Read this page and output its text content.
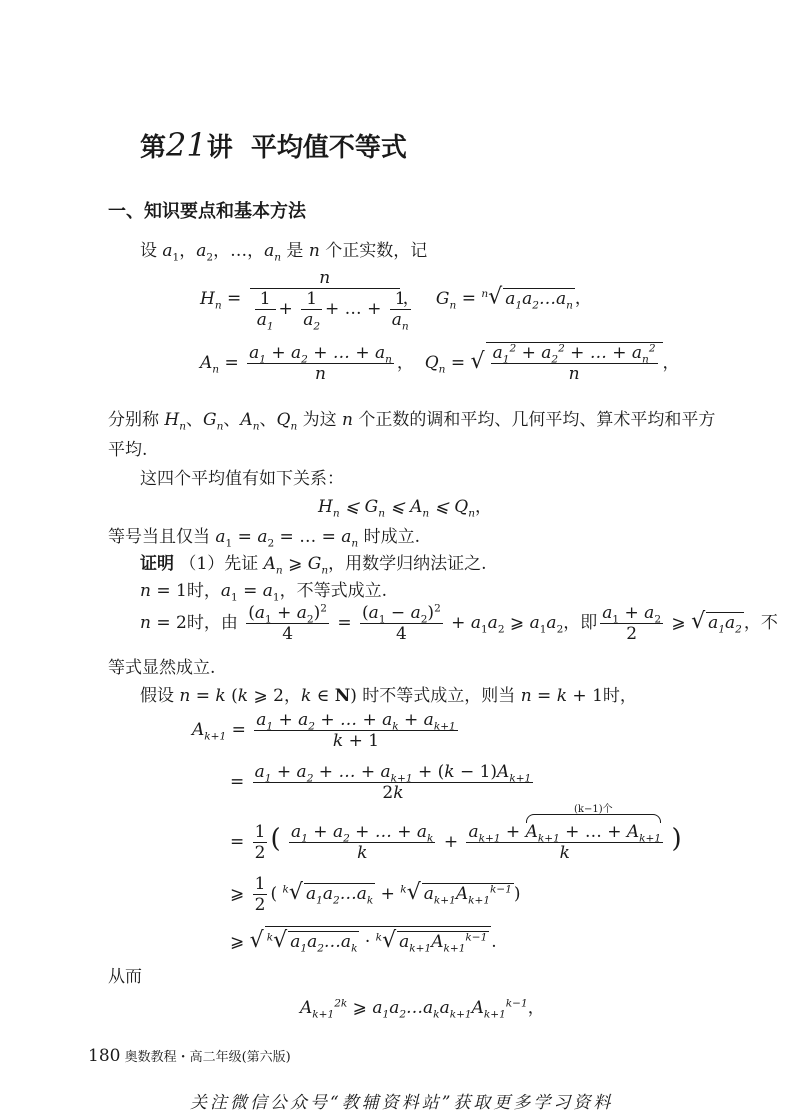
第21讲  平均值不等式
一、知识要点和基本方法
设 $a_1$，$a_2$，…，$a_n$ 是 n 个正实数，记
$H_n = \frac{n}{\frac{1}{a_1} + \frac{1}{a_2} + \dots + \frac{1}{a_n}}$ ，   $G_n = ^n√$ $a_1a_2\dots a_n$ ，
$A_n = \frac{a_1 + a_2 + \dots + a_n}{n}$ ，  $Q_n$ = √ $\frac{a_1^2 + a_2^2 + \dots + a_n^2}{n}$ ，
分别称 $H_n$、$G_n$、$A_n$、$Q_n$ 为这 n 个正数的调和平均、几何平均、算术平均和平方
平均.
这四个平均值有如下关系：
$H_n$ ⩽ $G_n$ ⩽ $A_n$ ⩽ $Q_n$，
等号当且仅当 $a_1 = a_2$ = … = $a_n$ 时成立.
证明 （1）先证 $A_n$ ⩾ $G_n$，用数学归纳法证之.
n = 1时，$a_1 = a_1$，不等式成立.
n = 2时，由 $\frac{(a_1 + a_2)^2}{4} = \frac{(a_1 - a_2)^2}{4} + a_1a_2$ ⩾ $a_1a_2$，即 $\frac{a_1 + a_2}{2}$ ⩾ √ $a_1a_2$ ，不
等式显然成立.
假设 n = k (k ⩾ 2，k ∈ N) 时不等式成立，则当 n = k + 1时，
$A_{k+1} = \frac{a_1 + a_2 + \dots + a_k + a_{k+1}}{k + 1}$
= $\frac{a_1 + a_2 + \dots + a_{k+1} + (k - 1)A_{k+1}}{2k}$
= $\frac{1}{2}$ ( $\frac{a_1 + a_2 + \dots + a_k}{k} + a_{k+1}$ +
(k−1)个
$A_{k+1}$ + … + $A_{k+1}$
k )
⩾ $\frac{1}{2}$ ( $^k$√ $a_1a_2\dots a_k + ^k√$ $a_{k+1}A_{k+1}^{k-1}$ )
⩾ √ $^k$√ $a_1a_2\dots a_k \cdot ^k√$ $a_{k+1}A_{k+1}^{k-1}$ .
从而
$A_{k+1}^{2k}$ ⩾ $a_1a_2\dots a_ka_{k+1}A_{k+1}^{k-1}$，
180 奥数教程・高二年级(第六版)
关注微信公众号“教辅资料站”获取更多学习资料
